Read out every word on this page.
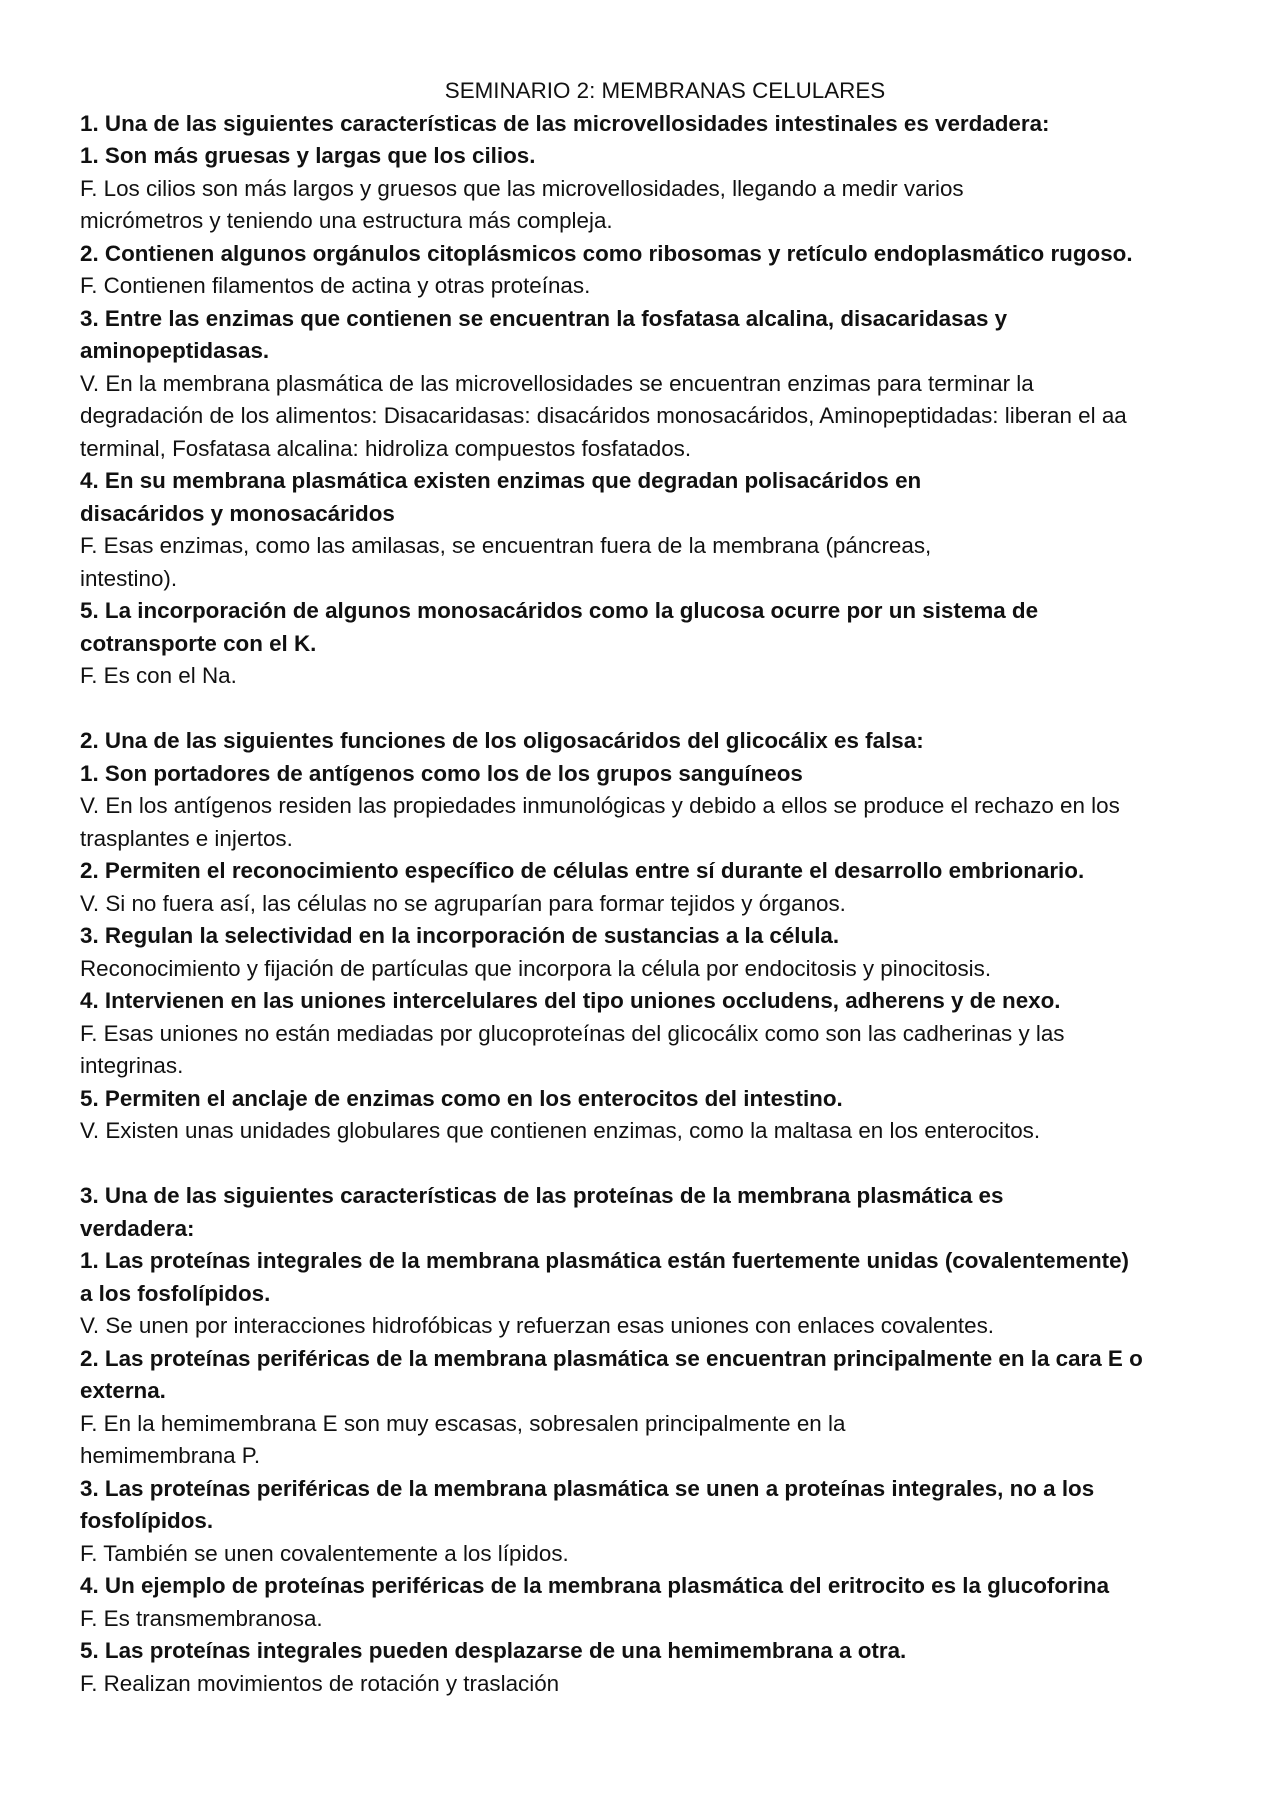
SEMINARIO 2: MEMBRANAS CELULARES
1. Una de las siguientes características de las microvellosidades intestinales es verdadera:
1. Son más gruesas y largas que los cilios.
F. Los cilios son más largos y gruesos que las microvellosidades, llegando a medir varios
micrómetros y teniendo una estructura más compleja.
2. Contienen algunos orgánulos citoplásmicos como ribosomas y retículo endoplasmático rugoso.
F. Contienen filamentos de actina y otras proteínas.
3. Entre las enzimas que contienen se encuentran la fosfatasa alcalina, disacaridasas y
aminopeptidasas.
V. En la membrana plasmática de las microvellosidades se encuentran enzimas para terminar la
degradación de los alimentos: Disacaridasas: disacáridos monosacáridos, Aminopeptidadas: liberan el aa
terminal, Fosfatasa alcalina: hidroliza compuestos fosfatados.
4. En su membrana plasmática existen enzimas que degradan polisacáridos en
disacáridos y monosacáridos
F. Esas enzimas, como las amilasas, se encuentran fuera de la membrana (páncreas,
intestino).
5. La incorporación de algunos monosacáridos como la glucosa ocurre por un sistema de
cotransporte con el K.
F. Es con el Na.
2. Una de las siguientes funciones de los oligosacáridos del glicocálix es falsa:
1. Son portadores de antígenos como los de los grupos sanguíneos
V. En los antígenos residen las propiedades inmunológicas y debido a ellos se produce el rechazo en los
trasplantes e injertos.
2. Permiten el reconocimiento específico de células entre sí durante el desarrollo embrionario.
V. Si no fuera así, las células no se agruparían para formar tejidos y órganos.
3. Regulan la selectividad en la incorporación de sustancias a la célula.
Reconocimiento y fijación de partículas que incorpora la célula por endocitosis y pinocitosis.
4. Intervienen en las uniones intercelulares del tipo uniones occludens, adherens y de nexo.
F. Esas uniones no están mediadas por glucoproteínas del glicocálix como son las cadherinas y las
integrinas.
5. Permiten el anclaje de enzimas como en los enterocitos del intestino.
V. Existen unas unidades globulares que contienen enzimas, como la maltasa en los enterocitos.
3. Una de las siguientes características de las proteínas de la membrana plasmática es
verdadera:
1. Las proteínas integrales de la membrana plasmática están fuertemente unidas (covalentemente)
a los fosfolípidos.
V. Se unen por interacciones hidrofóbicas y refuerzan esas uniones con enlaces covalentes.
2. Las proteínas periféricas de la membrana plasmática se encuentran principalmente en la cara E o
externa.
F. En la hemimembrana E son muy escasas, sobresalen principalmente en la
hemimembrana P.
3. Las proteínas periféricas de la membrana plasmática se unen a proteínas integrales, no a los
fosfolípidos.
F. También se unen covalentemente a los lípidos.
4. Un ejemplo de proteínas periféricas de la membrana plasmática del eritrocito es la glucoforina
F. Es transmembranosa.
5. Las proteínas integrales pueden desplazarse de una hemimembrana a otra.
F. Realizan movimientos de rotación y traslación
